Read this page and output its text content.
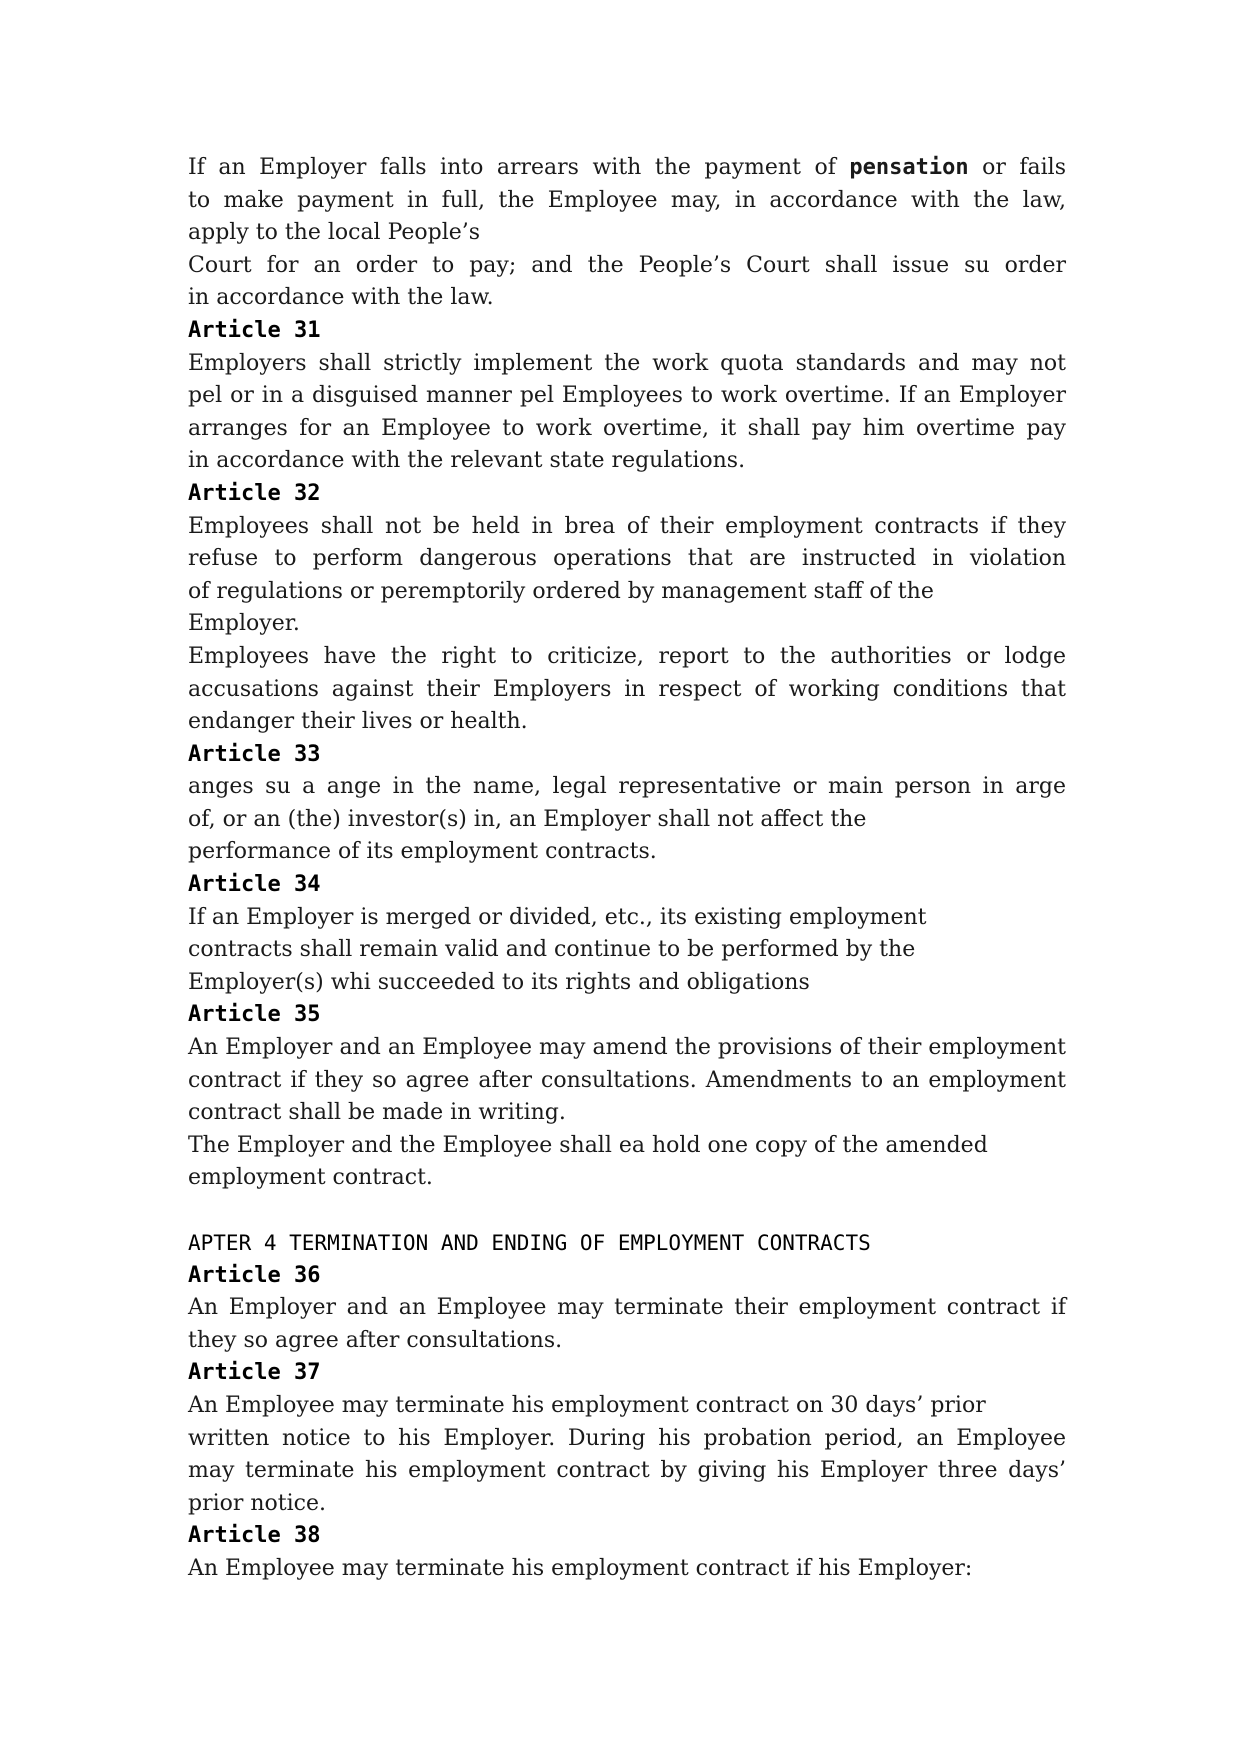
If an Employer falls into arrears with the payment of pensation or fails
to make payment in full, the Employee may, in accordance with the law,
apply to the local People’s
Court for an order to pay; and the People’s Court shall issue su order
in accordance with the law.
Article 31
Employers shall strictly implement the work quota standards and may not
pel or in a disguised manner pel Employees to work overtime. If an Employer
arranges for an Employee to work overtime, it shall pay him overtime pay
in accordance with the relevant state regulations.
Article 32
Employees shall not be held in brea of their employment contracts if they
refuse to perform dangerous operations that are instructed in violation
of regulations or peremptorily ordered by management staff of the
Employer.
Employees have the right to criticize, report to the authorities or lodge
accusations against their Employers in respect of working conditions that
endanger their lives or health.
Article 33
anges su a ange in the name, legal representative or main person in arge
of, or an (the) investor(s) in, an Employer shall not affect the
performance of its employment contracts.
Article 34
If an Employer is merged or divided, etc., its existing employment
contracts shall remain valid and continue to be performed by the
Employer(s) whi succeeded to its rights and obligations
Article 35
An Employer and an Employee may amend the provisions of their employment
contract if they so agree after consultations. Amendments to an employment
contract shall be made in writing.
The Employer and the Employee shall ea hold one copy of the amended
employment contract.
APTER 4 TERMINATION AND ENDING OF EMPLOYMENT CONTRACTS
Article 36
An Employer and an Employee may terminate their employment contract if
they so agree after consultations.
Article 37
An Employee may terminate his employment contract on 30 days’ prior
written notice to his Employer. During his probation period, an Employee
may terminate his employment contract by giving his Employer three days’
prior notice.
Article 38
An Employee may terminate his employment contract if his Employer:
